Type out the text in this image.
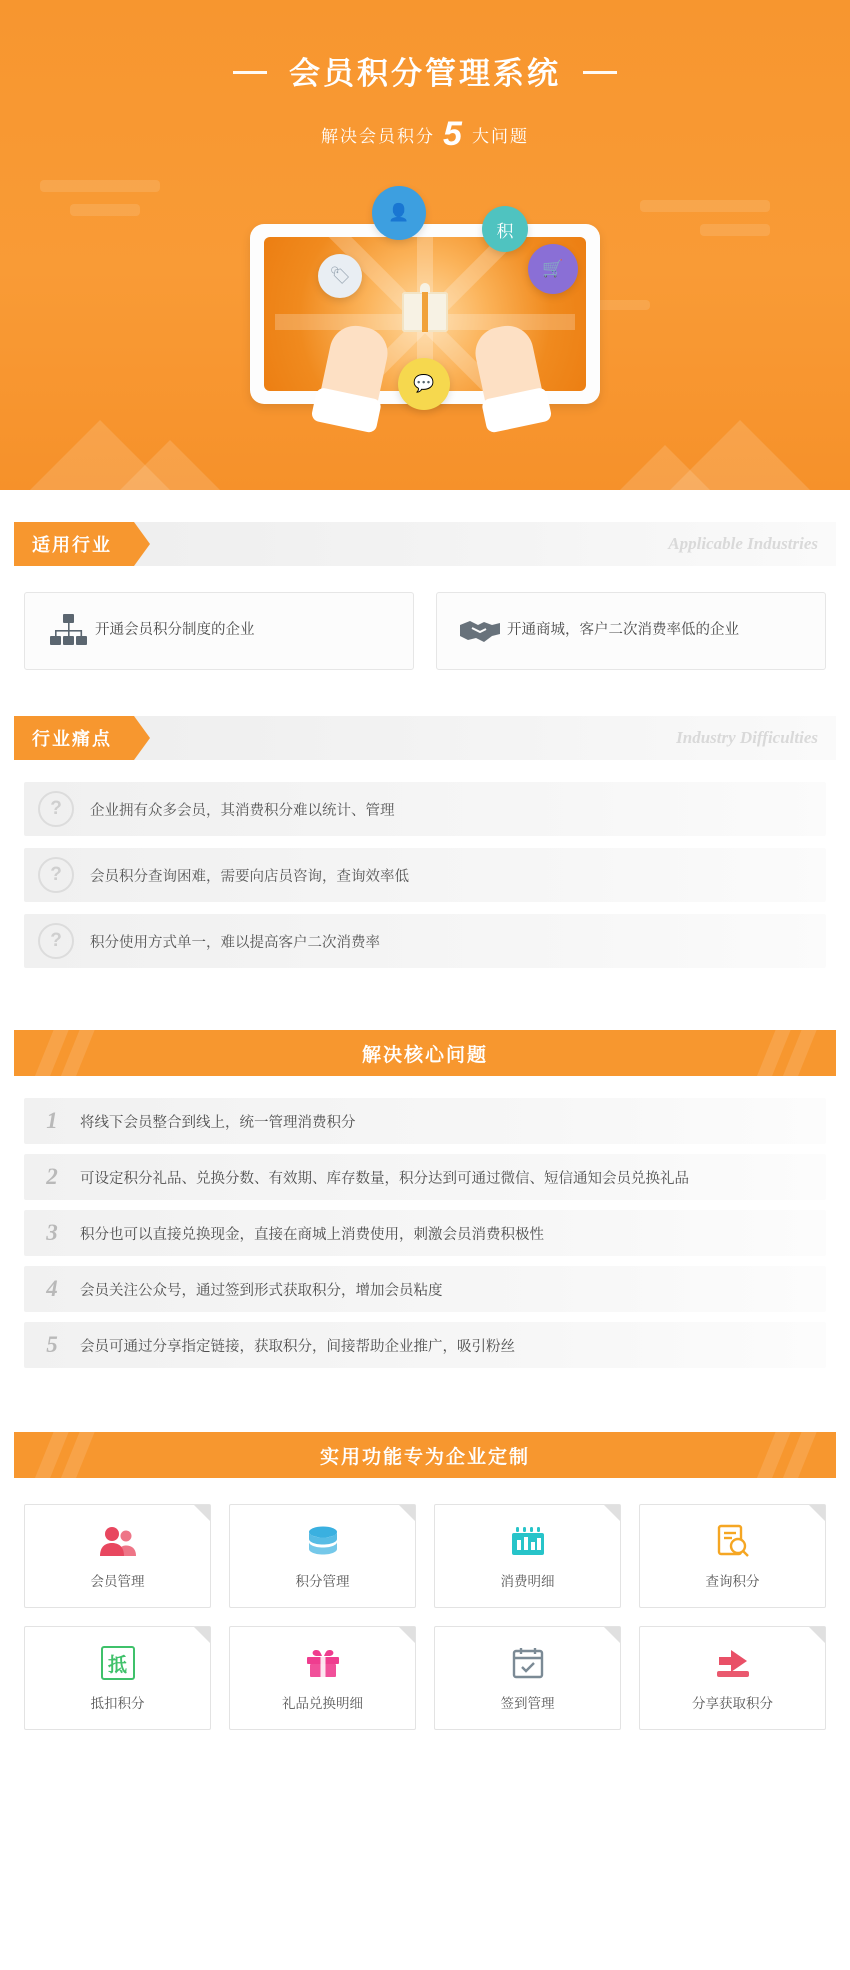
会员积分管理系统
解决会员积分 5 大问题
👤
积
🏷	🛒
💬
适用行业	Applicable Industries
开通会员积分制度的企业	开通商城，客户二次消费率低的企业
行业痛点	Industry Difficulties
?	企业拥有众多会员，其消费积分难以统计、管理
?	会员积分查询困难，需要向店员咨询，查询效率低
?	积分使用方式单一，难以提高客户二次消费率
解决核心问题
1	将线下会员整合到线上，统一管理消费积分
2	可设定积分礼品、兑换分数、有效期、库存数量，积分达到可通过微信、短信通知会员兑换礼品
3	积分也可以直接兑换现金，直接在商城上消费使用，刺激会员消费积极性
4	会员关注公众号，通过签到形式获取积分，增加会员粘度
5	会员可通过分享指定链接，获取积分，间接帮助企业推广，吸引粉丝
实用功能专为企业定制
会员管理	积分管理	消费明细	查询积分
抵
抵扣积分	礼品兑换明细	签到管理	分享获取积分
